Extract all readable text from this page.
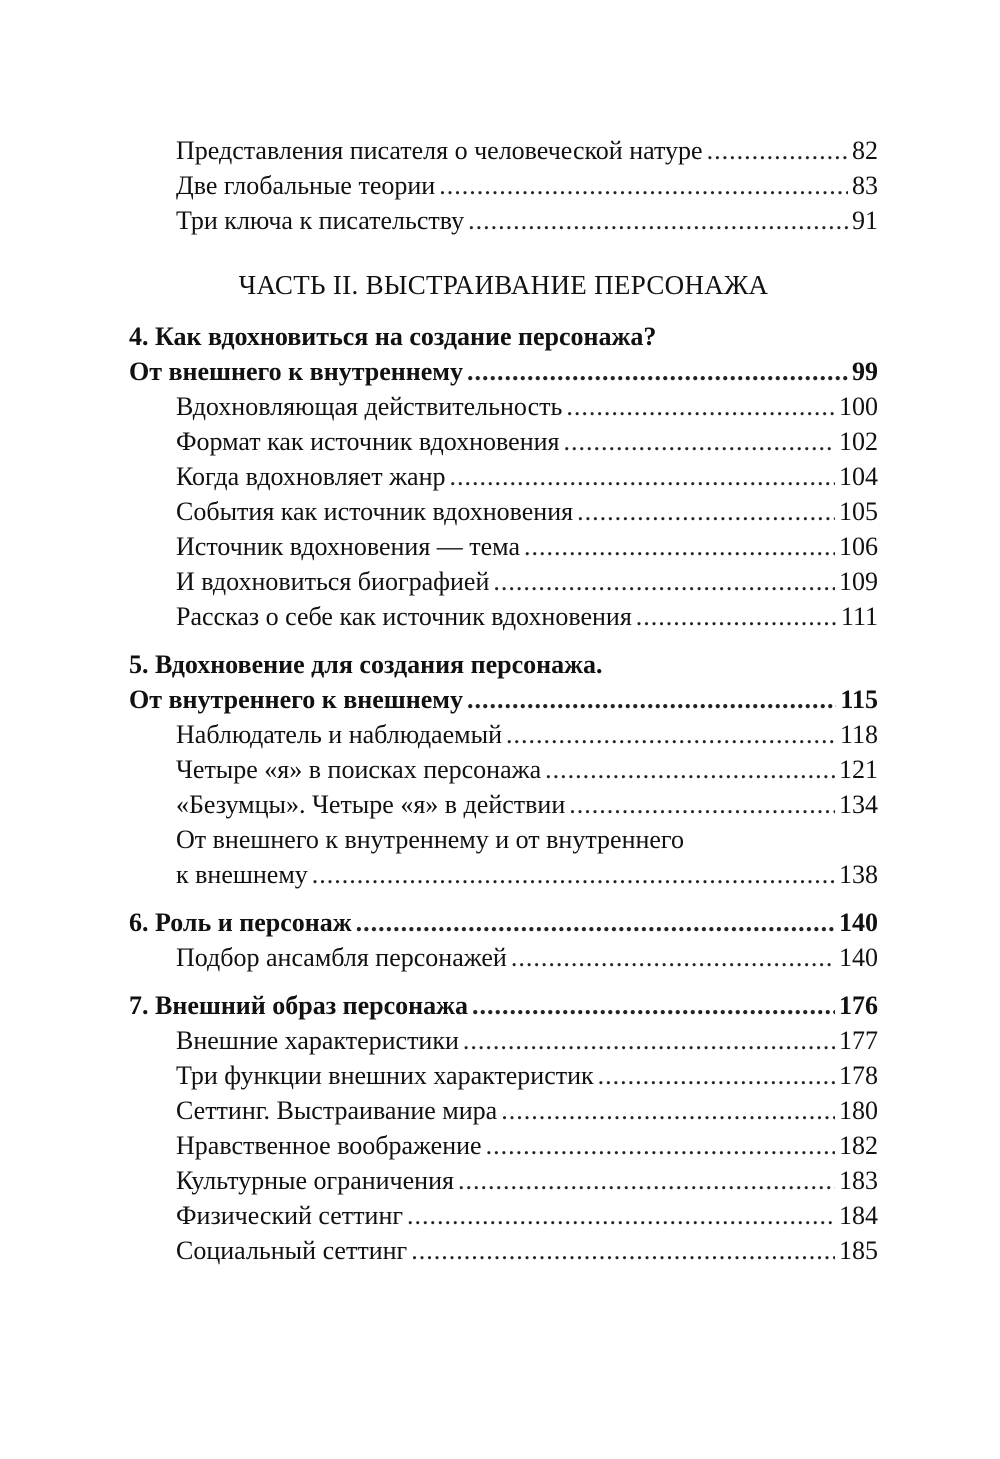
Представления писателя о человеческой натуре .....	82
Две глобальные теории .....	83
Три ключа к писательству .....	91
ЧАСТЬ II. ВЫСТРАИВАНИЕ ПЕРСОНАЖА
4. Как вдохновиться на создание персонажа?
От внешнего к внутреннему .....	99
Вдохновляющая действительность .....	100
Формат как источник вдохновения .....	102
Когда вдохновляет жанр .....	104
События как источник вдохновения .....	105
Источник вдохновения — тема .....	106
И вдохновиться биографией .....	109
Рассказ о себе как источник вдохновения .....	111
5. Вдохновение для создания персонажа.
От внутреннего к внешнему .....	115
Наблюдатель и наблюдаемый .....	118
Четыре «я» в поисках персонажа .....	121
«Безумцы». Четыре «я» в действии .....	134
От внешнего к внутреннему и от внутреннего
к внешнему .....	138
6. Роль и персонаж .....	140
Подбор ансамбля персонажей .....	140
7. Внешний образ персонажа .....	176
Внешние характеристики .....	177
Три функции внешних характеристик .....	178
Сеттинг. Выстраивание мира .....	180
Нравственное воображение .....	182
Культурные ограничения .....	183
Физический сеттинг .....	184
Социальный сеттинг .....	185
